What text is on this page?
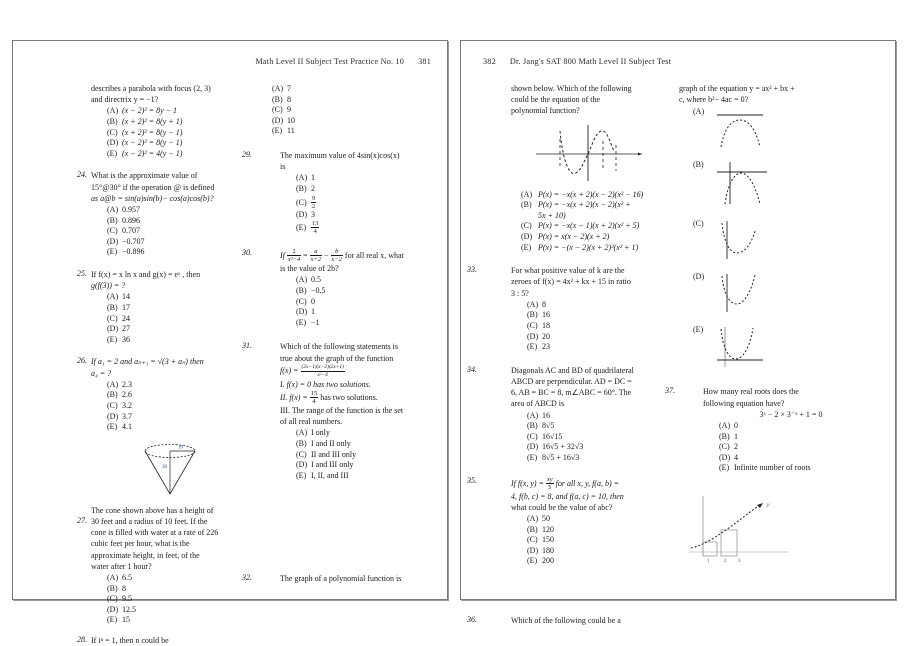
Math Level II Subject Test Practice No. 10 381
describes a parabola with focus (2, 3)
and directrix y = −1?
(A) (x − 2)² = 8y − 1
(B) (x + 2)² = 8(y + 1)
(C) (x + 2)² = 8(y − 1)
(D) (x − 2)² = 8(y − 1)
(E) (x − 2)² = 4(y − 1)
24. What is the approximate value of
15°@30° if the operation @ is defined
as a@b = sin(a)sin(b)− cos(a)cos(b)?
(A) 0.957
(B) 0.896
(C) 0.707
(D) −0.707
(E) −0.896
25. If f(x) = x ln x and g(x) = eˣ , then
g(f(3)) = ?
(A) 14
(B) 17
(C) 24
(D) 27
(E) 36
26. If a₁ = 2 and aₙ₊₁ = √(3 + aₙ) then
a₄ = ?
(A) 2.3
(B) 2.6
(C) 3.2
(D) 3.7
(E) 4.1
10
30
27.
The cone shown above has a height of
30 feet and a radius of 10 feet. If the
cone is filled with water at a rate of 226
cubic feet per hour, what is the
approximate height, in feet, of the
water after 1 hour?
(A) 6.5
(B) 8
(C) 9.5
(D) 12.5
(E) 15
28. If iⁿ = 1, then n could be
(A) 7
(B) 8
(C) 9
(D) 10
(E) 11
29.	The maximum value of 4sin(x)cos(x)
is
(A) 1
(B) 2
$(C) \frac{9}{2}$
(D) 3
$(E) \frac{13}{4}$
30.	If $\frac{2}{\text{x²−4}} = \frac{a}{x+2} - \frac{b}{x-2}$ for all real x, what
is the value of 2b?
(A) 0.5
(B) −0.5
(C) 0
(D) 1
(E) −1
31.	Which of the following statements is
true about the graph of the function
$f(x) = \frac{(2x-1)(x-2)(2x+1)}{\text{x²−4}}$
I. f(x) = 0 has two solutions.
II. $f(x) = \frac{15}{4}$ has two solutions.
III. The range of the function is the set
of all real numbers.
(A) I only
(B) I and II only
(C) II and III only
(D) I and III only
(E) I, II, and III
32.	The graph of a polynomial function is
382 Dr. Jang's SAT 800 Math Level II Subject Test
shown below. Which of the following
could be the equation of the
polynomial function?
(A) P(x) = −x(x + 2)(x − 2)(x² − 16)
(B) P(x) = −x(x + 2)(x − 2)(x² +
5x + 10)
(C) P(x) = −x(x − 1)(x + 2)(x² + 5)
(D) P(x) = x(x − 2)(x + 2)
(E) P(x) = −(x − 2)(x + 2)²(x² + 1)
33.	For what positive value of k are the
zeroes of f(x) = 4x² + kx + 15 in ratio
3 : 5?
(A) 8
(B) 16
(C) 18
(D) 20
(E) 23
34.	Diagonals AC and BD of quadrilateral
ABCD are perpendicular. AD = DC =
6, AB = BC = 8, m∠ABC = 60°. The
area of ABCD is
(A) 16
(B) 8√5
(C) 16√15
(D) 16√5 + 32√3
(E) 8√5 + 16√3
35.	If f(x, $y) = \frac{xy}{5}$ for all x, y, f(a, b) =
4, f(b, c) = 8, and f(a, c) = 10, then
what could be the value of abc?
(A) 50
(B) 120
(C) 150
(D) 180
(E) 200
36.	Which of the following could be a
graph of the equation y = ax² + bx +
c, where b²− 4ac = 0?
(A)
(B)
(C)
(D)
(E)
37.	How many real roots does the
following equation have?
3ˣ − 2 × 3⁻ˣ + 1 = 0
(A) 0
(B) 1
(C) 2
(D) 4
(E) Infinite number of roots
y
1	2 3
